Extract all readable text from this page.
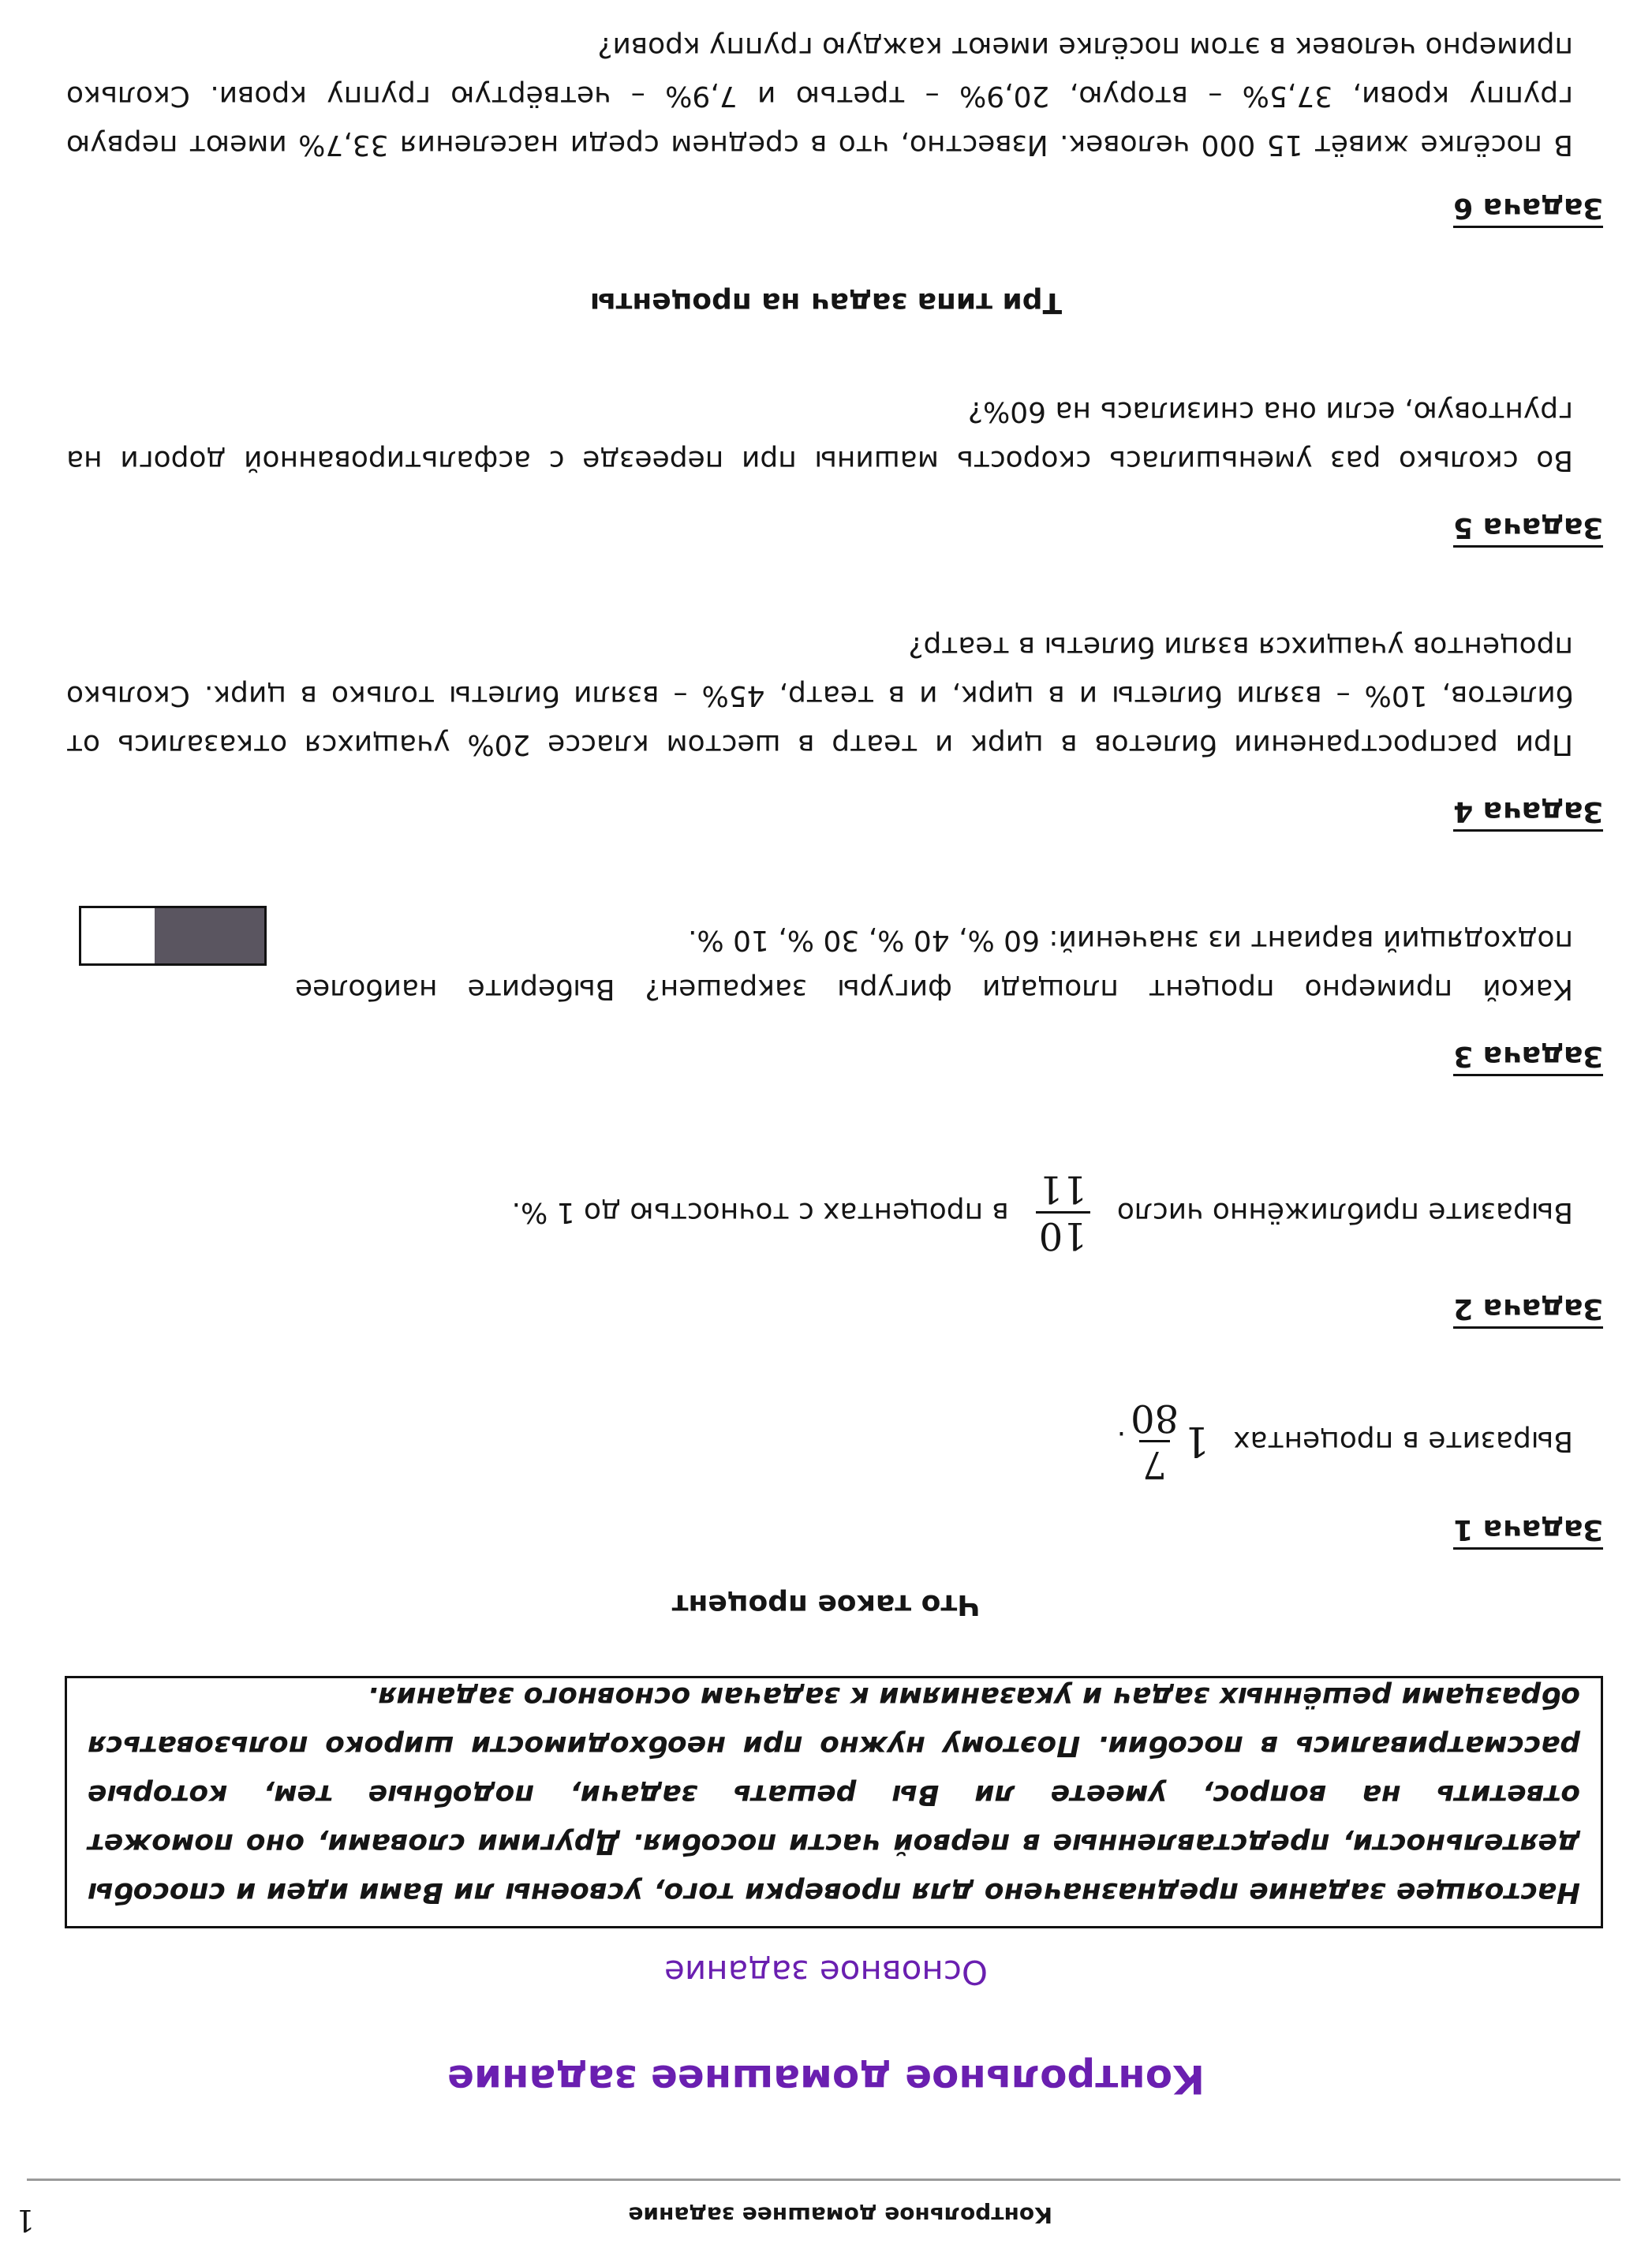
Контрольное домашнее задание
1
Контрольное домашнее задание
Основное задание
Настоящее задание предназначено для проверки того, усвоены ли Вами идеи и способы деятельности, представленные в первой части пособия. Другими словами, оно поможет ответить на вопрос, умеете ли Вы решать задачи, подобные тем, которые рассматривались в пособии. Поэтому нужно при необходимости широко пользоваться образцами решённых задач и указаниями к задачам основного задания.
Что такое процент
Задача 1
Выразите в процентах
1
7
80
.
Задача 2
Выразите приближённо число
10
11
в процентах с точностью до 1 %.
Задача 3
Какой примерно процент площади фигуры закрашен? Выберите наиболее подходящий вариант из значений: 60 %, 40 %, 30 %, 10 %.
Задача 4
При распространении билетов в цирк и театр в шестом классе 20% учащихся отказались от билетов, 10% – взяли билеты и в цирк, и в театр, 45% – взяли билеты только в цирк. Сколько процентов учащихся взяли билеты в театр?
Задача 5
Во сколько раз уменьшилась скорость машины при переезде с асфальтированной дороги на грунтовую, если она снизилась на 60%?
Три типа задач на проценты
Задача 6
В посёлке живёт 15 000 человек. Известно, что в среднем среди населения 33,7% имеют первую группу крови, 37,5% – вторую, 20,9% – третью и 7,9% – четвёртую группу крови. Сколько примерно человек в этом посёлке имеют каждую группу крови?
